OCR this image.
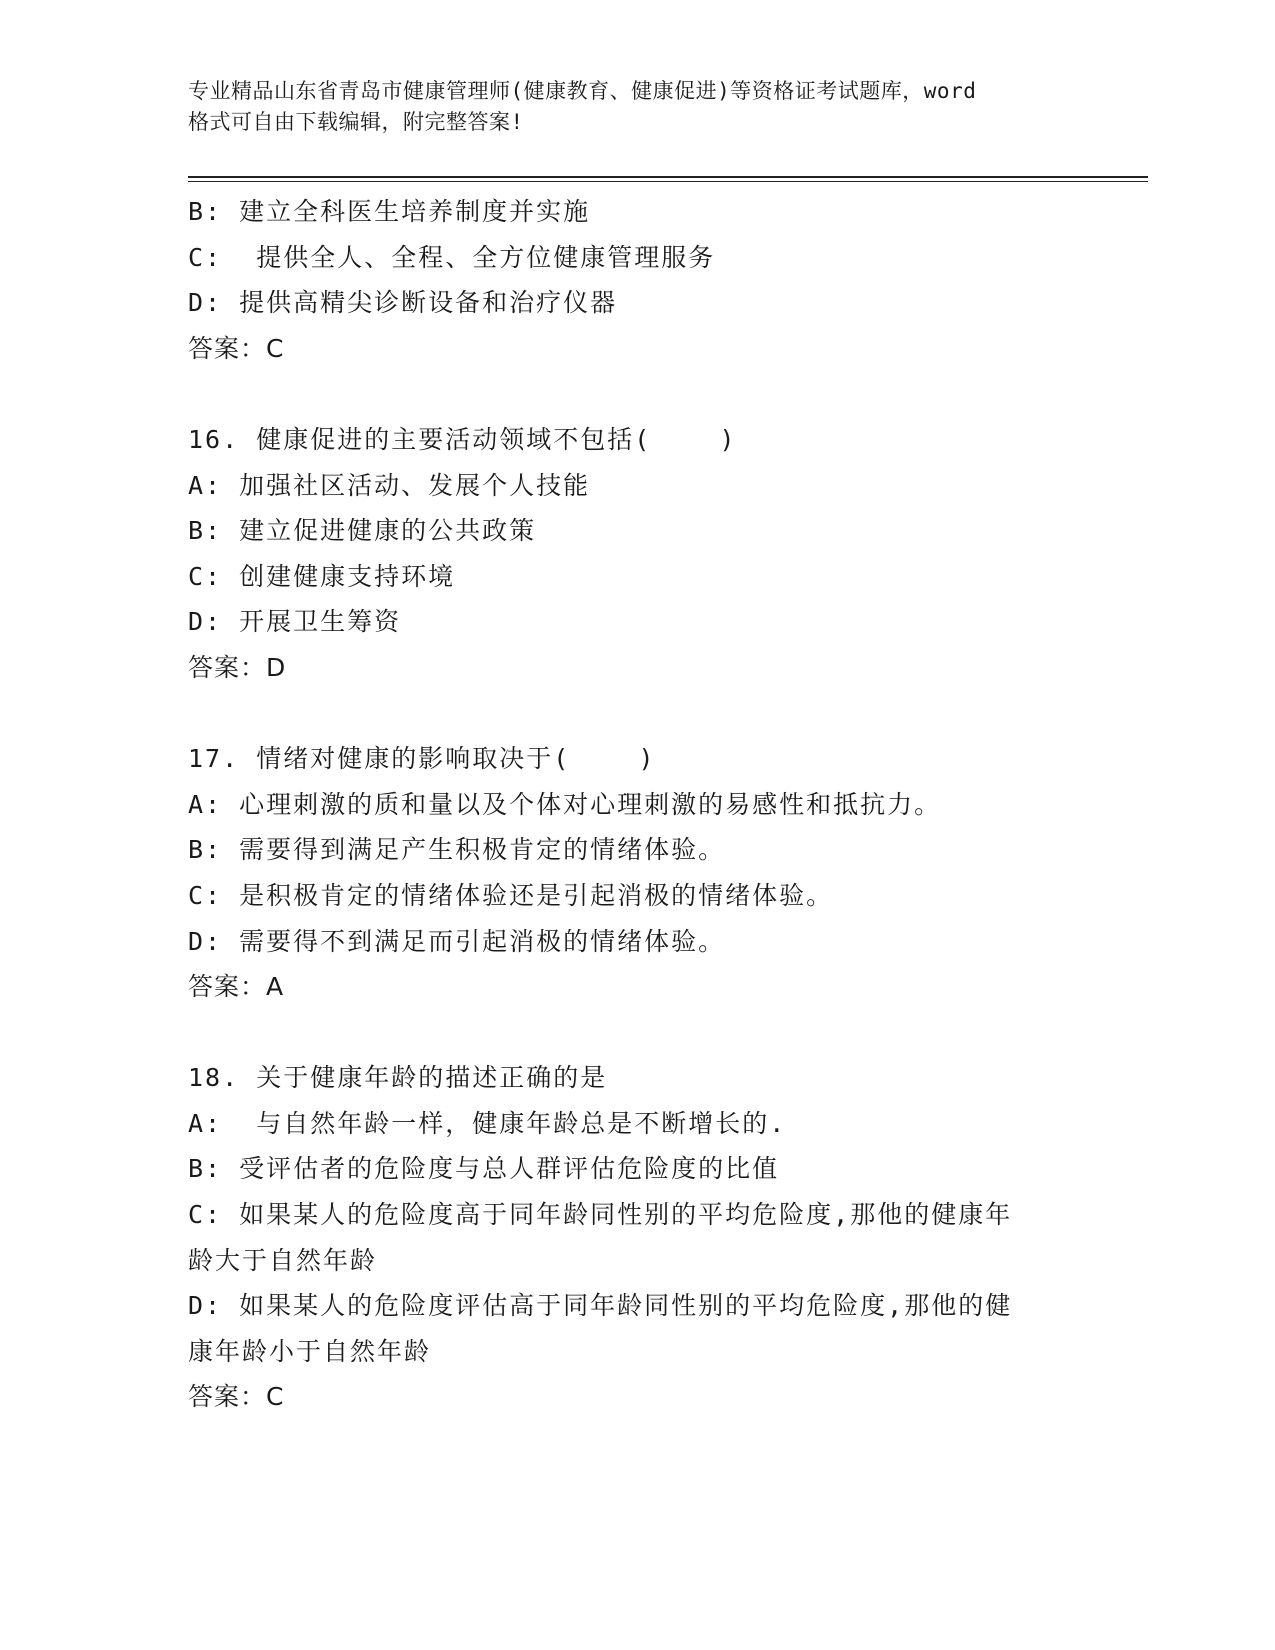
专业精品山东省青岛市健康管理师(健康教育、健康促进)等资格证考试题库，word
格式可自由下载编辑，附完整答案!
B: 建立全科医生培养制度并实施
C:  提供全人、全程、全方位健康管理服务
D: 提供高精尖诊断设备和治疗仪器
答案：C
16. 健康促进的主要活动领域不包括(    )
A: 加强社区活动、发展个人技能
B: 建立促进健康的公共政策
C: 创建健康支持环境
D: 开展卫生筹资
答案：D
17. 情绪对健康的影响取决于(    )
A: 心理刺激的质和量以及个体对心理刺激的易感性和抵抗力。
B: 需要得到满足产生积极肯定的情绪体验。
C: 是积极肯定的情绪体验还是引起消极的情绪体验。
D: 需要得不到满足而引起消极的情绪体验。
答案：A
18. 关于健康年龄的描述正确的是
A:  与自然年龄一样，健康年龄总是不断增长的.
B: 受评估者的危险度与总人群评估危险度的比值
C: 如果某人的危险度高于同年龄同性别的平均危险度,那他的健康年
龄大于自然年龄
D: 如果某人的危险度评估高于同年龄同性别的平均危险度,那他的健
康年龄小于自然年龄
答案：C
